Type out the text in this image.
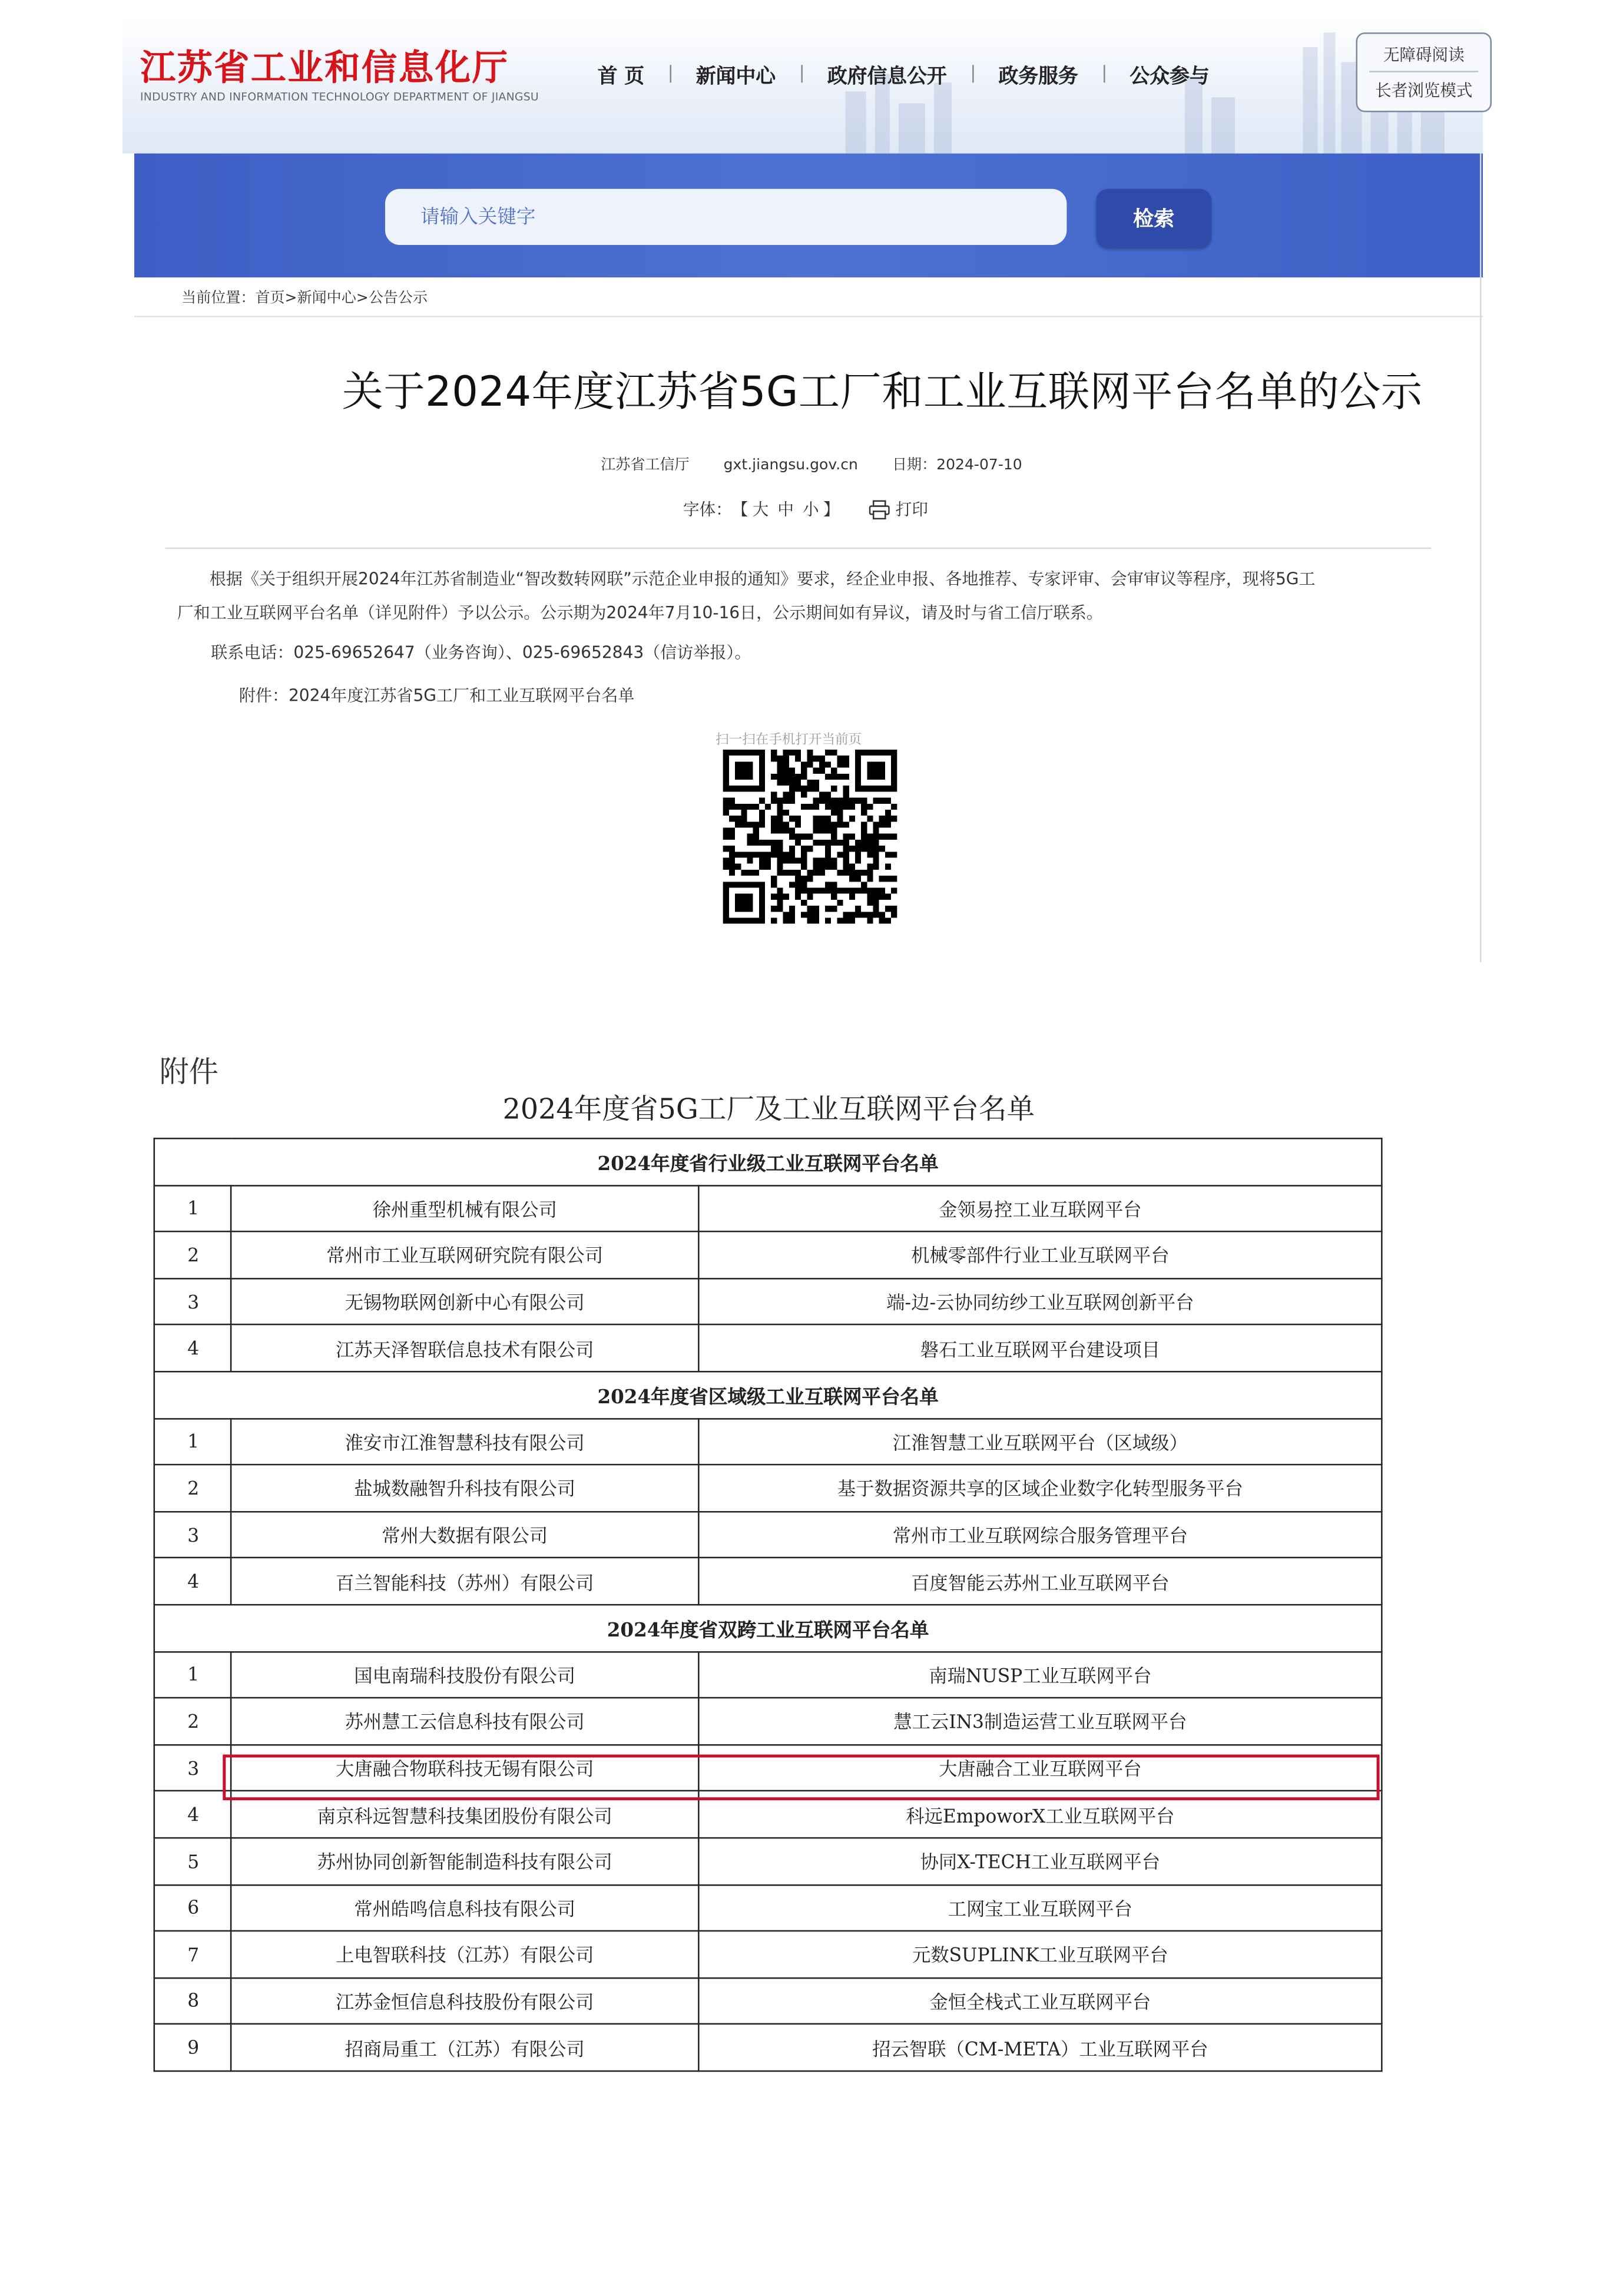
江苏省工业和信息化厅
INDUSTRY AND INFORMATION TECHNOLOGY DEPARTMENT OF JIANGSU
首 页	新闻中心	政府信息公开	政务服务	公众参与
无障碍阅读
长者浏览模式
请输入关键字
检索
当前位置：首页>新闻中心>公告公示
关于2024年度江苏省5G工厂和工业互联网平台名单的公示
江苏省工信厅	gxt.jiangsu.gov.cn	日期：2024-07-10
字体： 【 大 中 小 】	打印
根据《关于组织开展2024年江苏省制造业“智改数转网联”示范企业申报的通知》要求，经企业申报、各地推荐、专家评审、会审审议等程序，现将5G工
厂和工业互联网平台名单（详见附件）予以公示。公示期为2024年7月10-16日，公示期间如有异议，请及时与省工信厅联系。
联系电话：025-69652647（业务咨询）、025-69652843（信访举报）。
附件：2024年度江苏省5G工厂和工业互联网平台名单
扫一扫在手机打开当前页
附件
2024年度省5G工厂及工业互联网平台名单
2024年度省行业级工业互联网平台名单		
1	徐州重型机械有限公司	金领易控工业互联网平台
2	常州市工业互联网研究院有限公司	机械零部件行业工业互联网平台
3	无锡物联网创新中心有限公司	端-边-云协同纺纱工业互联网创新平台
4	江苏天泽智联信息技术有限公司	磐石工业互联网平台建设项目
2024年度省区域级工业互联网平台名单		
1	淮安市江淮智慧科技有限公司	江淮智慧工业互联网平台（区域级）
2	盐城数融智升科技有限公司	基于数据资源共享的区域企业数字化转型服务平台
3	常州大数据有限公司	常州市工业互联网综合服务管理平台
4	百兰智能科技（苏州）有限公司	百度智能云苏州工业互联网平台
2024年度省双跨工业互联网平台名单		
1	国电南瑞科技股份有限公司	南瑞NUSP工业互联网平台
2	苏州慧工云信息科技有限公司	慧工云IN3制造运营工业互联网平台
3	大唐融合物联科技无锡有限公司	大唐融合工业互联网平台
4	南京科远智慧科技集团股份有限公司	科远EmpoworX工业互联网平台
5	苏州协同创新智能制造科技有限公司	协同X-TECH工业互联网平台
6	常州皓鸣信息科技有限公司	工网宝工业互联网平台
7	上电智联科技（江苏）有限公司	元数SUPLINK工业互联网平台
8	江苏金恒信息科技股份有限公司	金恒全栈式工业互联网平台
9	招商局重工（江苏）有限公司	招云智联（CM-META）工业互联网平台
